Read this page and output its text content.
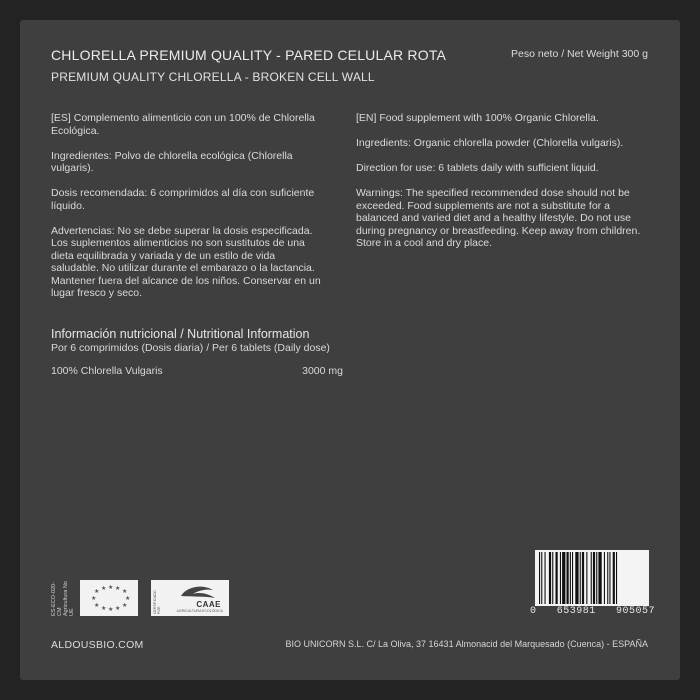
CHLORELLA PREMIUM QUALITY - PARED CELULAR ROTA
PREMIUM QUALITY CHLORELLA - BROKEN CELL WALL
Peso neto / Net Weight 300 g

[ES] Complemento alimenticio con un 100% de Chlorella Ecológica.

Ingredientes: Polvo de chlorella ecológica (Chlorella vulgaris).

Dosis recomendada: 6 comprimidos al día con suficiente líquido.

Advertencias: No se debe superar la dosis especificada. Los suplementos alimenticios no son sustitutos de una dieta equilibrada y variada y de un estilo de vida saludable. No utilizar durante el embarazo o la lactancia. Mantener fuera del alcance de los niños. Conservar en un lugar fresco y seco.

[EN] Food supplement with 100% Organic Chlorella.

Ingredients: Organic chlorella powder (Chlorella vulgaris).

Direction for use: 6 tablets daily with sufficient liquid.

Warnings: The specified recommended dose should not be exceeded. Food supplements are not a substitute for a balanced and varied diet and a healthy lifestyle. Do not use during pregnancy or breastfeeding. Keep away from children. Store in a cool and dry place.

Información nutricional / Nutritional Information
Por 6 comprimidos (Dosis diaria) / Per 6 tablets (Daily dose)
100% Chlorella Vulgaris	3000 mg
ES-ECO-020-CM Agricultura No UE
★ ★ ★ ★ ★
★	★
★ ★ ★ ★ ★	CERTIFICADO POR
CAAE
AGRICULTURA ECOLÓGICA	0 653981 905057
ALDOUSBIO.COM	BIO UNICORN S.L. C/ La Oliva, 37 16431 Almonacid del Marquesado (Cuenca) - ESPAÑA
